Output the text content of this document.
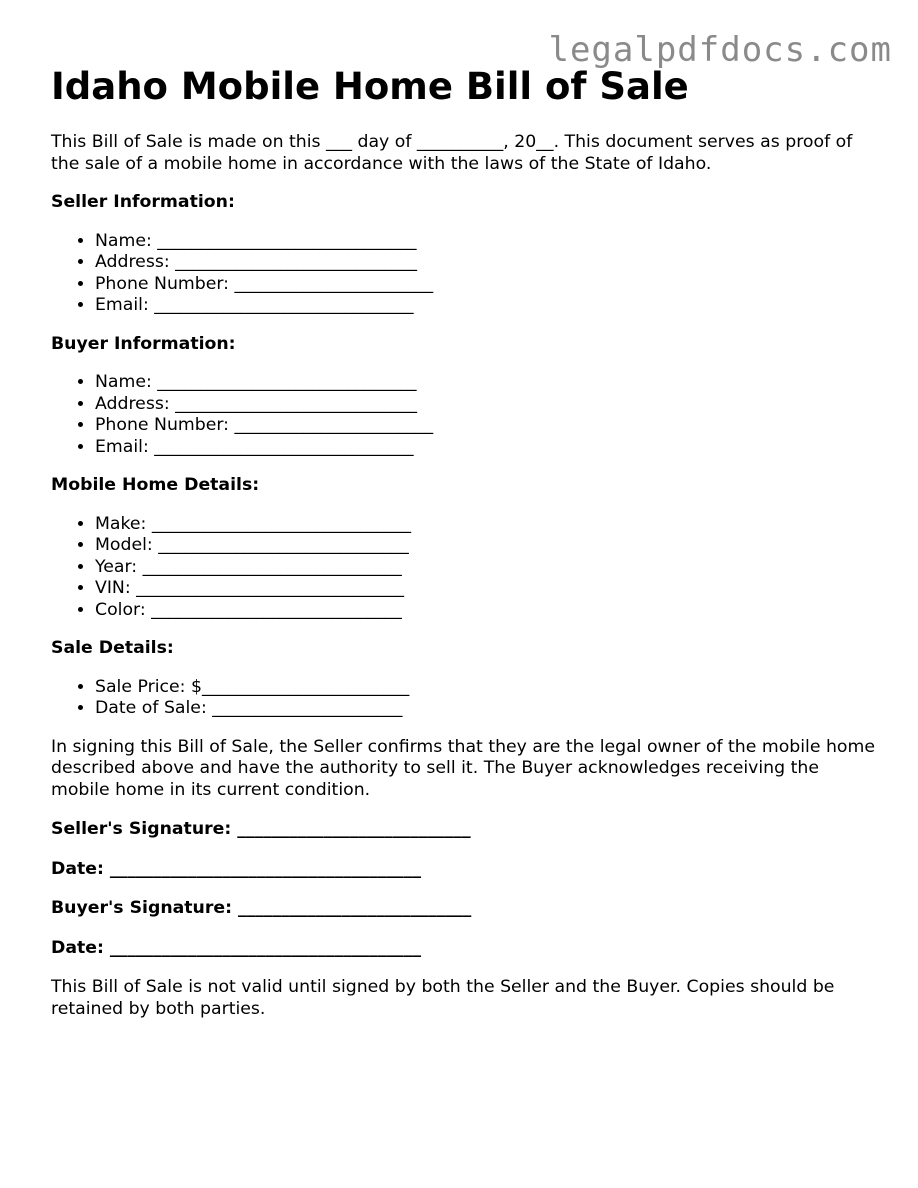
legalpdfdocs.com
Idaho Mobile Home Bill of Sale

This Bill of Sale is made on this ___ day of __________, 20__. This document serves as proof of the sale of a mobile home in accordance with the laws of the State of Idaho.

Seller Information:

• Name: ______________________________
• Address: ____________________________
• Phone Number: _______________________
• Email: ______________________________

Buyer Information:

• Name: ______________________________
• Address: ____________________________
• Phone Number: _______________________
• Email: ______________________________

Mobile Home Details:

• Make: ______________________________
• Model: _____________________________
• Year: ______________________________
• VIN: _______________________________
• Color: _____________________________

Sale Details:

• Sale Price: $________________________
• Date of Sale: ______________________

In signing this Bill of Sale, the Seller confirms that they are the legal owner of the mobile home described above and have the authority to sell it. The Buyer acknowledges receiving the mobile home in its current condition.

Seller's Signature: ___________________________

Date: ____________________________________

Buyer's Signature: ___________________________

Date: ____________________________________

This Bill of Sale is not valid until signed by both the Seller and the Buyer. Copies should be retained by both parties.
